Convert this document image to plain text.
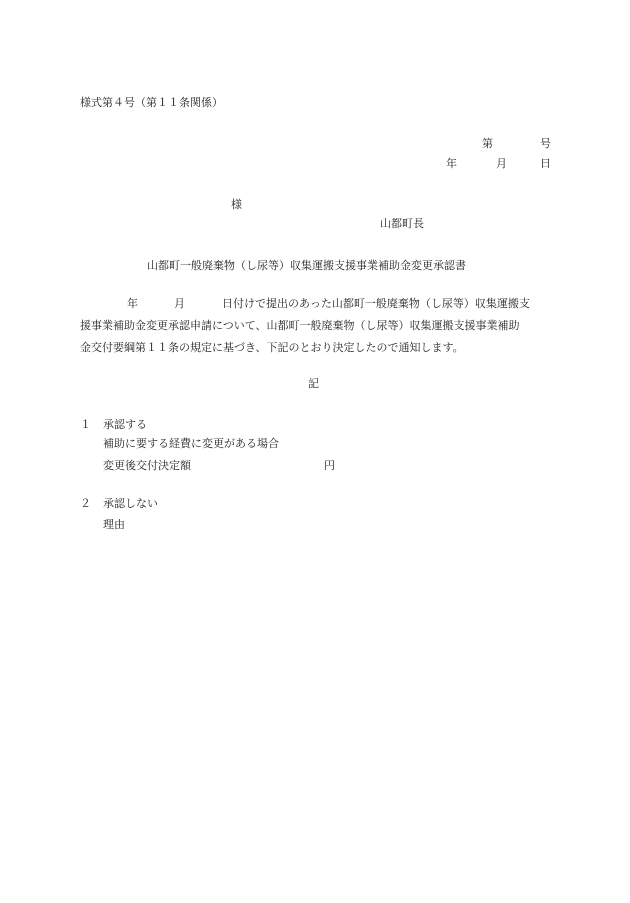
様式第４号（第１１条関係）
第	号
年	月	日
様
山都町長
山都町一般廃棄物（し尿等）収集運搬支援事業補助金変更承認書
年	月	日付けで提出のあった山都町一般廃棄物（し尿等）収集運搬支
援事業補助金変更承認申請について、山都町一般廃棄物（し尿等）収集運搬支援事業補助
金交付要綱第１１条の規定に基づき、下記のとおり決定したので通知します。
記
１ 承認する
補助に要する経費に変更がある場合
変更後交付決定額	円
２ 承認しない
理由
